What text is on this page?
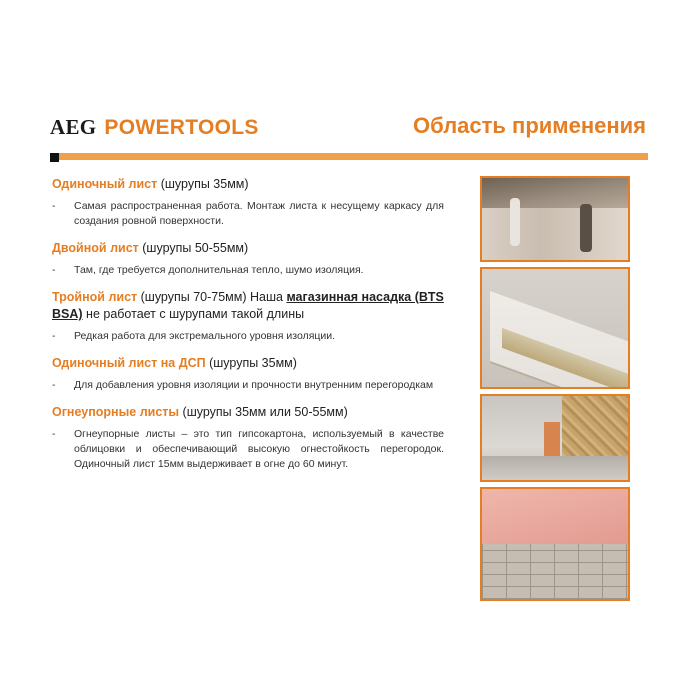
AEG POWERTOOLS	Область применения
Одиночный лист (шурупы 35мм)
- Самая распространенная работа. Монтаж листа к несущему каркасу для создания ровной поверхности.
Двойной лист (шурупы 50-55мм)
- Там, где требуется дополнительная тепло, шумо изоляция.
Тройной лист (шурупы 70-75мм) Наша магазинная насадка (BTS BSA) не работает с шурупами такой длины
- Редкая работа для экстремального уровня изоляции.
Одиночный лист на ДСП (шурупы 35мм)
- Для добавления уровня изоляции и прочности внутренним перегородкам
Огнеупорные листы (шурупы 35мм или 50-55мм)
- Огнеупорные листы – это тип гипсокартона, используемый в качестве облицовки и обеспечивающий высокую огнестойкость перегородок. Одиночный лист 15мм выдерживает в огне до 60 минут.
